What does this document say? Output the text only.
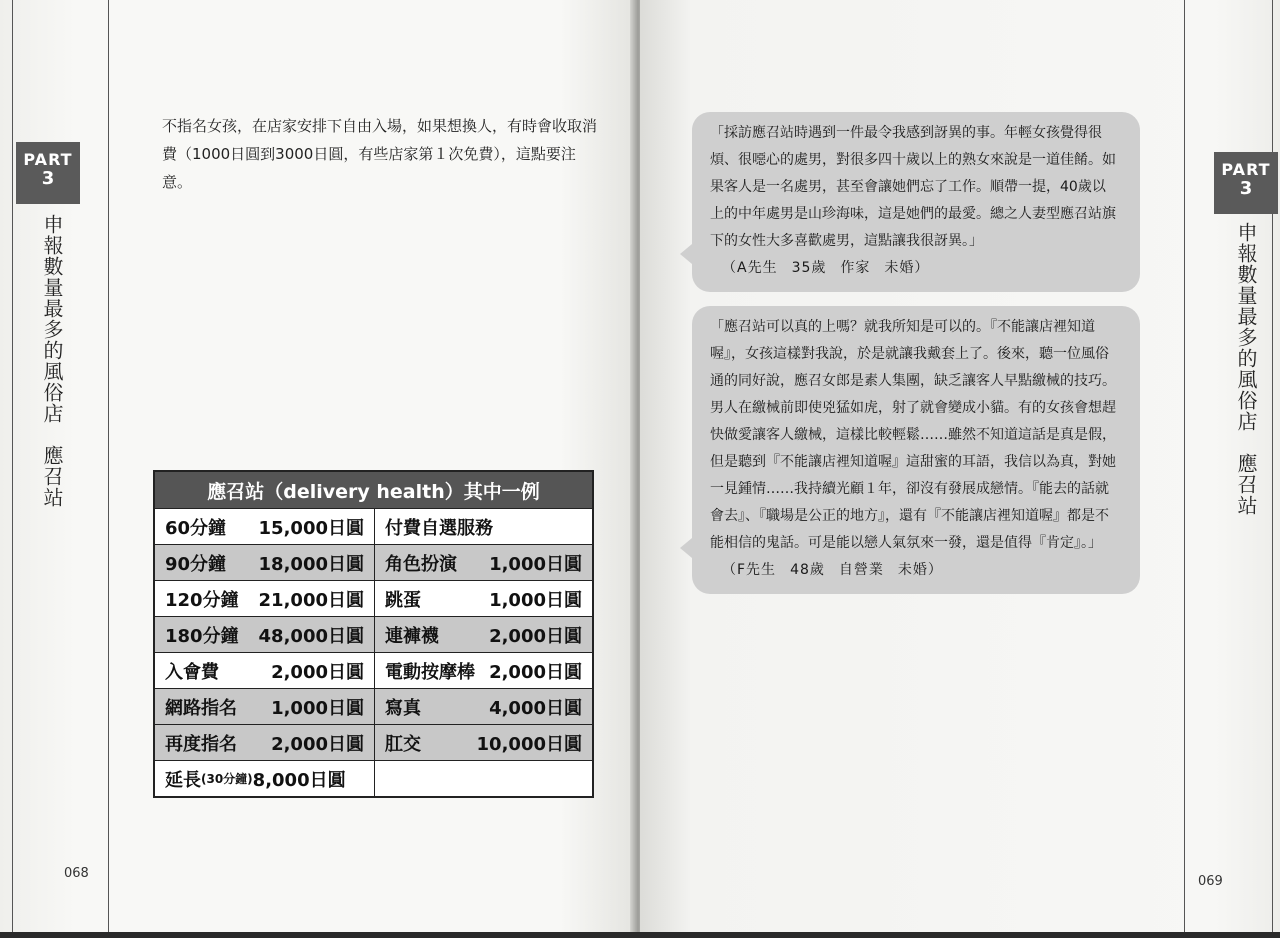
PART
3
申報數量最多的風俗店　應召站

不指名女孩，在店家安排下自由入場，如果想換人，有時會收取消費（1000日圓到3000日圓，有些店家第１次免費），這點要注意。

應召站（delivery health）其中一例
60分鐘 15,000日圓 付費自選服務
90分鐘 18,000日圓 角色扮演 1,000日圓
120分鐘 21,000日圓 跳蛋	1,000日圓
180分鐘 48,000日圓 連褲襪	2,000日圓
入會費	2,000日圓 電動按摩棒 2,000日圓
網路指名 1,000日圓 寫真	4,000日圓
再度指名 2,000日圓 肛交	10,000日圓
延長 (30分鐘) 8,000日圓
068
「採訪應召站時遇到一件最令我感到訝異的事。年輕女孩覺得很
煩、很噁心的處男，對很多四十歲以上的熟女來說是一道佳餚。如
果客人是一名處男，甚至會讓她們忘了工作。順帶一提，40歲以
上的中年處男是山珍海味，這是她們的最愛。總之人妻型應召站旗
下的女性大多喜歡處男，這點讓我很訝異。」
（A先生 35歲 作家 未婚）
「應召站可以真的上嗎？就我所知是可以的。『不能讓店裡知道
喔』，女孩這樣對我說，於是就讓我戴套上了。後來，聽一位風俗
通的同好說，應召女郎是素人集團，缺乏讓客人早點繳械的技巧。
男人在繳械前即使兇猛如虎，射了就會變成小貓。有的女孩會想趕
快做愛讓客人繳械，這樣比較輕鬆……雖然不知道這話是真是假，
但是聽到『不能讓店裡知道喔』這甜蜜的耳語，我信以為真，對她
一見鍾情……我持續光顧１年，卻沒有發展成戀情。『能去的話就
會去』、『職場是公正的地方』，還有『不能讓店裡知道喔』都是不
能相信的鬼話。可是能以戀人氣氛來一發，還是值得『肯定』。」
（F先生 48歲 自營業 未婚）
PART
3
申報數量最多的風俗店　應召站
069
